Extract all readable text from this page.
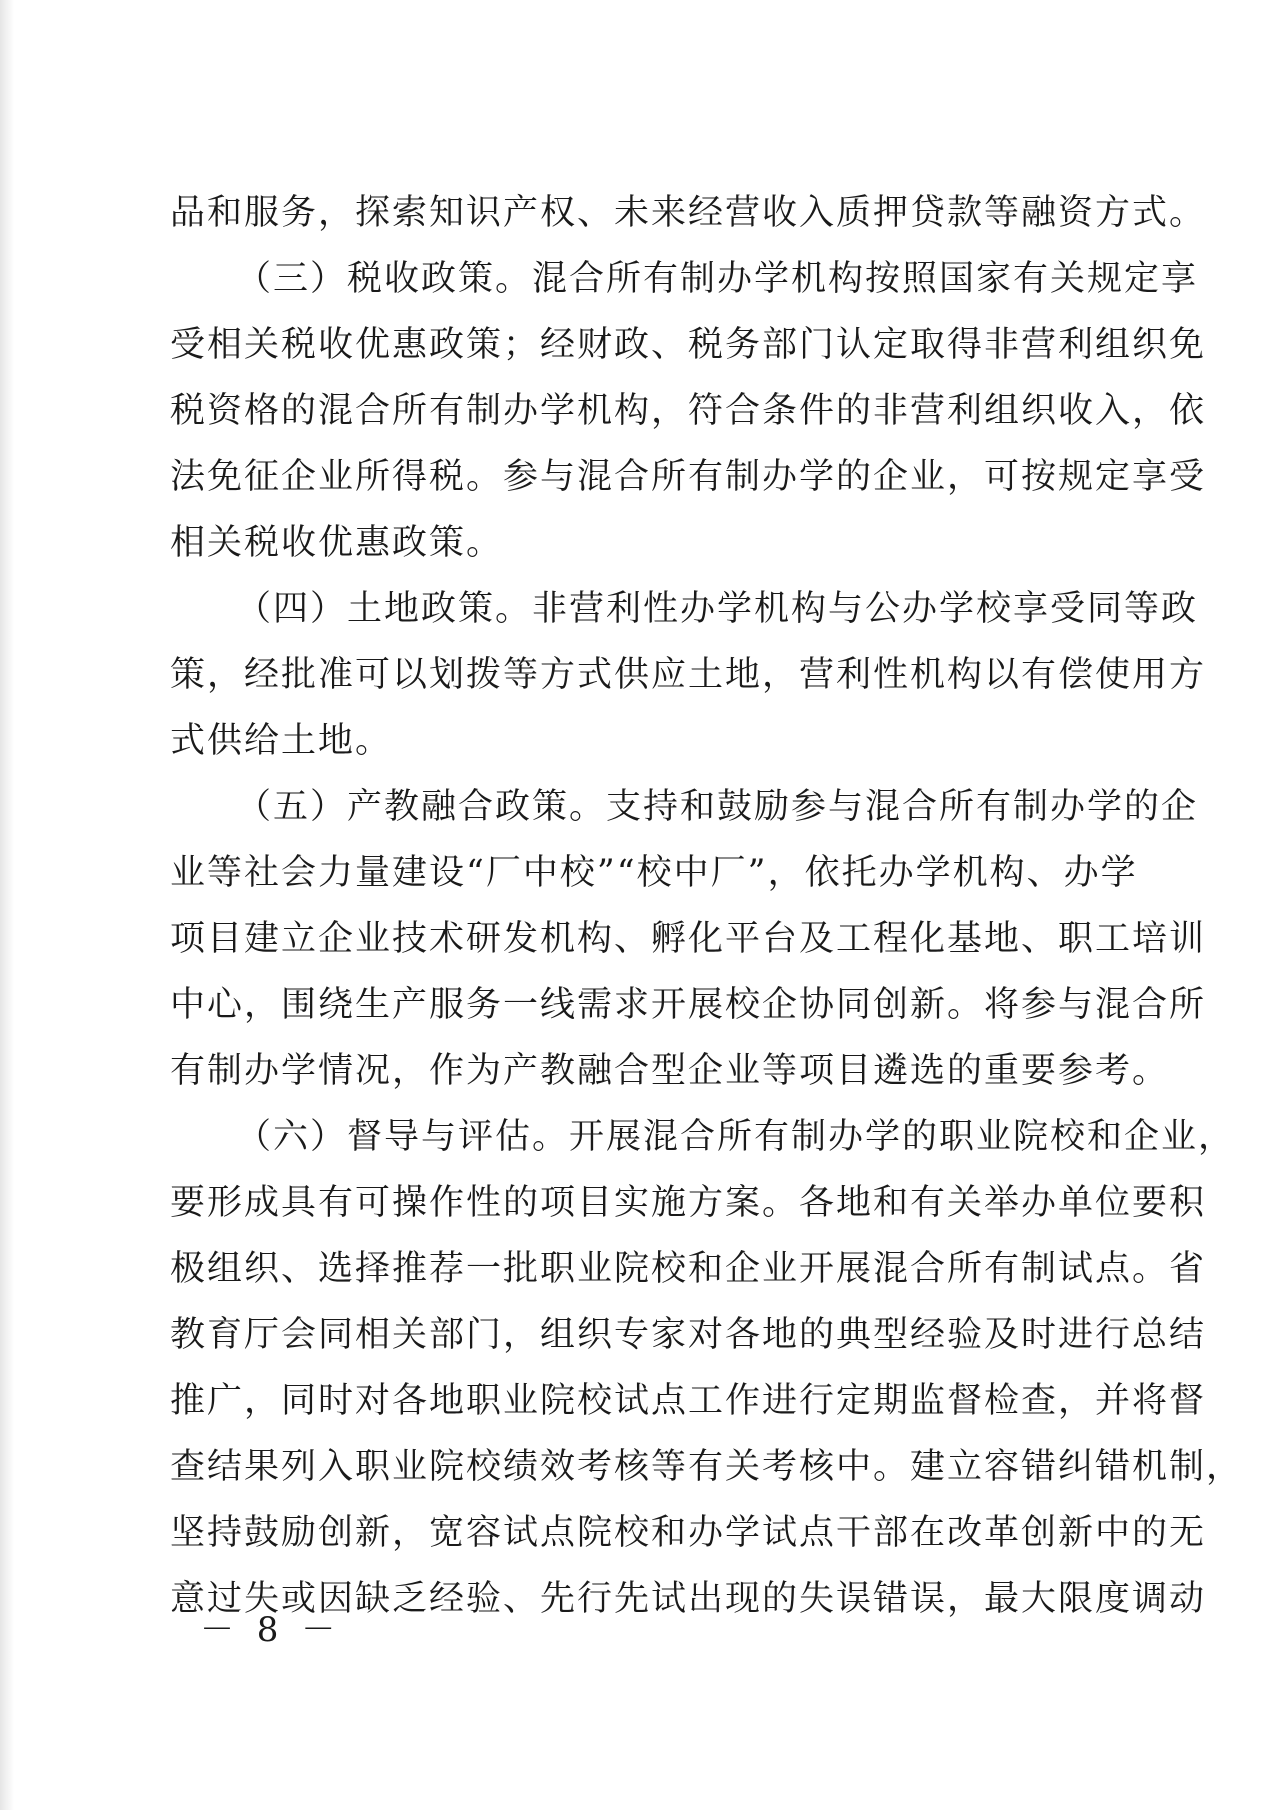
品和服务，探索知识产权、未来经营收入质押贷款等融资方式。
（三）税收政策。混合所有制办学机构按照国家有关规定享
受相关税收优惠政策；经财政、税务部门认定取得非营利组织免
税资格的混合所有制办学机构，符合条件的非营利组织收入，依
法免征企业所得税。参与混合所有制办学的企业，可按规定享受
相关税收优惠政策。
（四）土地政策。非营利性办学机构与公办学校享受同等政
策，经批准可以划拨等方式供应土地，营利性机构以有偿使用方
式供给土地。
（五）产教融合政策。支持和鼓励参与混合所有制办学的企
业等社会力量建设“厂中校”“校中厂”，依托办学机构、办学
项目建立企业技术研发机构、孵化平台及工程化基地、职工培训
中心，围绕生产服务一线需求开展校企协同创新。将参与混合所
有制办学情况，作为产教融合型企业等项目遴选的重要参考。
（六）督导与评估。开展混合所有制办学的职业院校和企业，
要形成具有可操作性的项目实施方案。各地和有关举办单位要积
极组织、选择推荐一批职业院校和企业开展混合所有制试点。省
教育厅会同相关部门，组织专家对各地的典型经验及时进行总结
推广，同时对各地职业院校试点工作进行定期监督检查，并将督
查结果列入职业院校绩效考核等有关考核中。建立容错纠错机制，
坚持鼓励创新，宽容试点院校和办学试点干部在改革创新中的无
意过失或因缺乏经验、先行先试出现的失误错误，最大限度调动
－ 8 －
